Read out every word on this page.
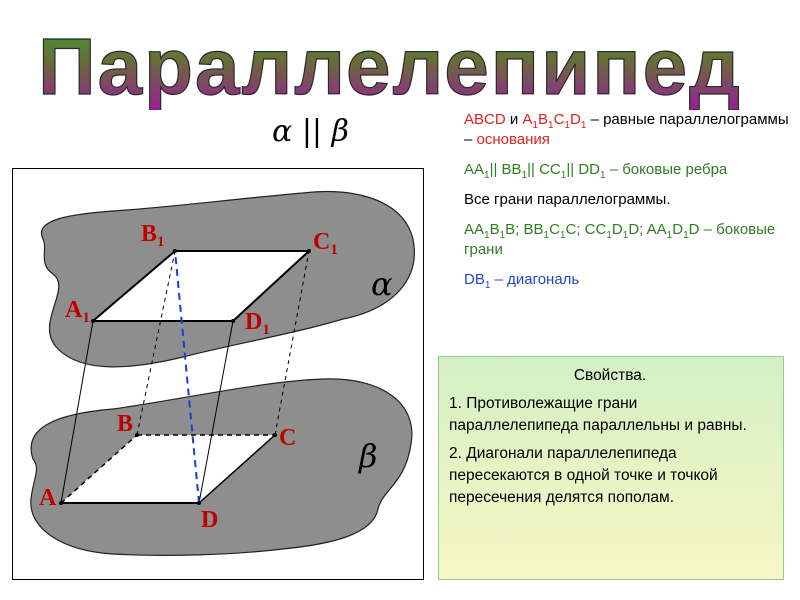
Параллелепипед
α || β
$B_1$	$C_1$
$A_1$	$D_1$
B
C
A
D
α
β

ABCD и $A_1B_1C_1D_1$ – равные параллелограммы – основания

$AA_1||$ $BB_1||$ $CC_1||$ $DD_1$ – боковые ребра

Все грани параллелограммы.

$AA_1B_1B$; $BB_1C_1C$; $CC_1D_1D$; $AA_1D_1D$ – боковые грани

$DB_1$ – диагональ

Свойства.

1. Противолежащие грани параллелепипеда параллельны и равны.

2. Диагонали параллелепипеда пересекаются в одной точке и точкой пересечения делятся пополам.
